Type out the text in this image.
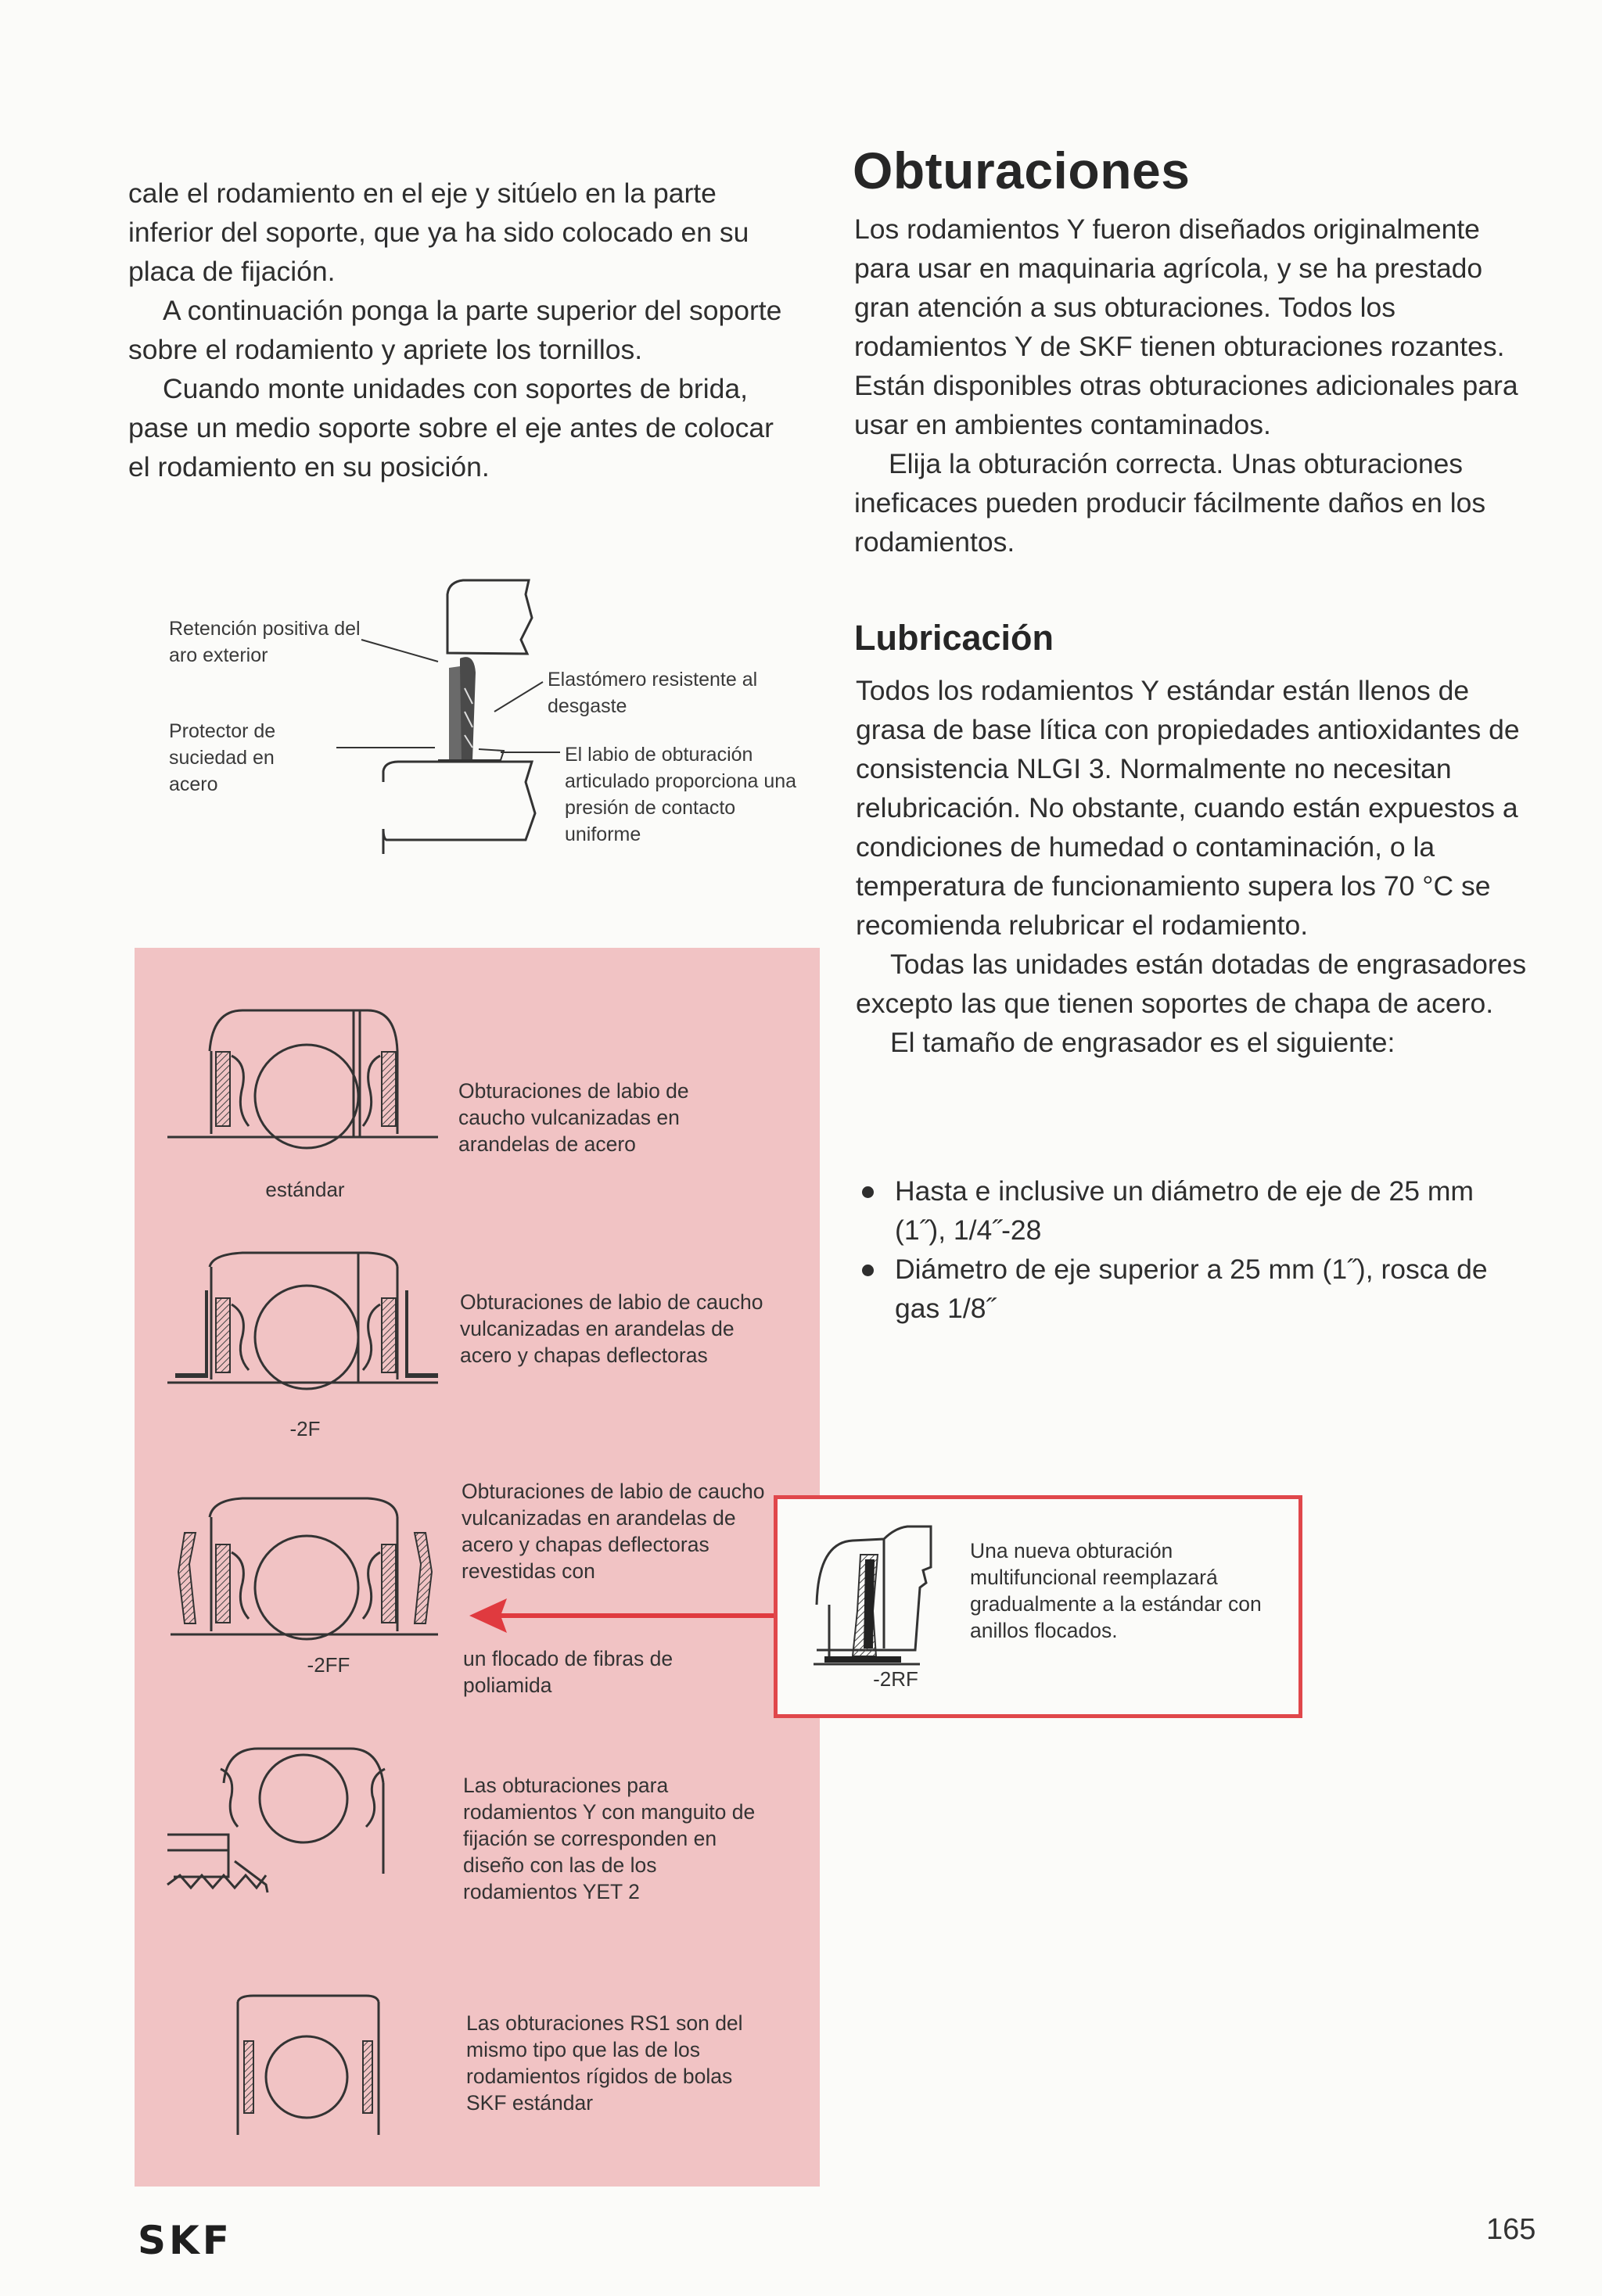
cale el rodamiento en el eje y sitúelo en la parte inferior del soporte, que ya ha sido colocado en su placa de fijación.

A continuación ponga la parte superior del soporte sobre el rodamiento y apriete los tornillos.

Cuando monte unidades con soportes de brida, pase un medio soporte sobre el eje antes de colocar el rodamiento en su posición.

Retención positiva del aro exterior
Protector de suciedad en acero
Elastómero resistente al desgaste
El labio de obturación articulado proporciona una presión de contacto uniforme
Obturaciones de labio de caucho vulcanizadas en arandelas de acero
estándar
Obturaciones de labio de caucho vulcanizadas en arandelas de acero y chapas deflectoras
-2F
Obturaciones de labio de caucho vulcanizadas en arandelas de acero y chapas deflectoras revestidas con
un flocado de fibras de poliamida
-2FF
Las obturaciones para rodamientos Y con manguito de fijación se corresponden en diseño con las de los rodamientos YET 2
Las obturaciones RS1 son del mismo tipo que las de los rodamientos rígidos de bolas SKF estándar
-2RF
Una nueva obturación multifuncional reemplazará gradualmente a la estándar con anillos flocados.
Obturaciones

Los rodamientos Y fueron diseñados originalmente para usar en maquinaria agrícola, y se ha prestado gran atención a sus obturaciones. Todos los rodamientos Y de SKF tienen obturaciones rozantes. Están disponibles otras obturaciones adicionales para usar en ambientes contaminados.

Elija la obturación correcta. Unas obturaciones ineficaces pueden producir fácilmente daños en los rodamientos.

Lubricación

Todos los rodamientos Y estándar están llenos de grasa de base lítica con propiedades antioxidantes de consistencia NLGI 3. Normalmente no necesitan relubricación. No obstante, cuando están expuestos a condiciones de humedad o contaminación, o la temperatura de funcionamiento supera los 70 °C se recomienda relubricar el rodamiento.

Todas las unidades están dotadas de engrasadores excepto las que tienen soportes de chapa de acero.

El tamaño de engrasador es el siguiente:

Hasta e inclusive un diámetro de eje de 25 mm (1˝), 1/4˝-28
Diámetro de eje superior a 25 mm (1˝), rosca de gas 1/8˝
SKF	165
